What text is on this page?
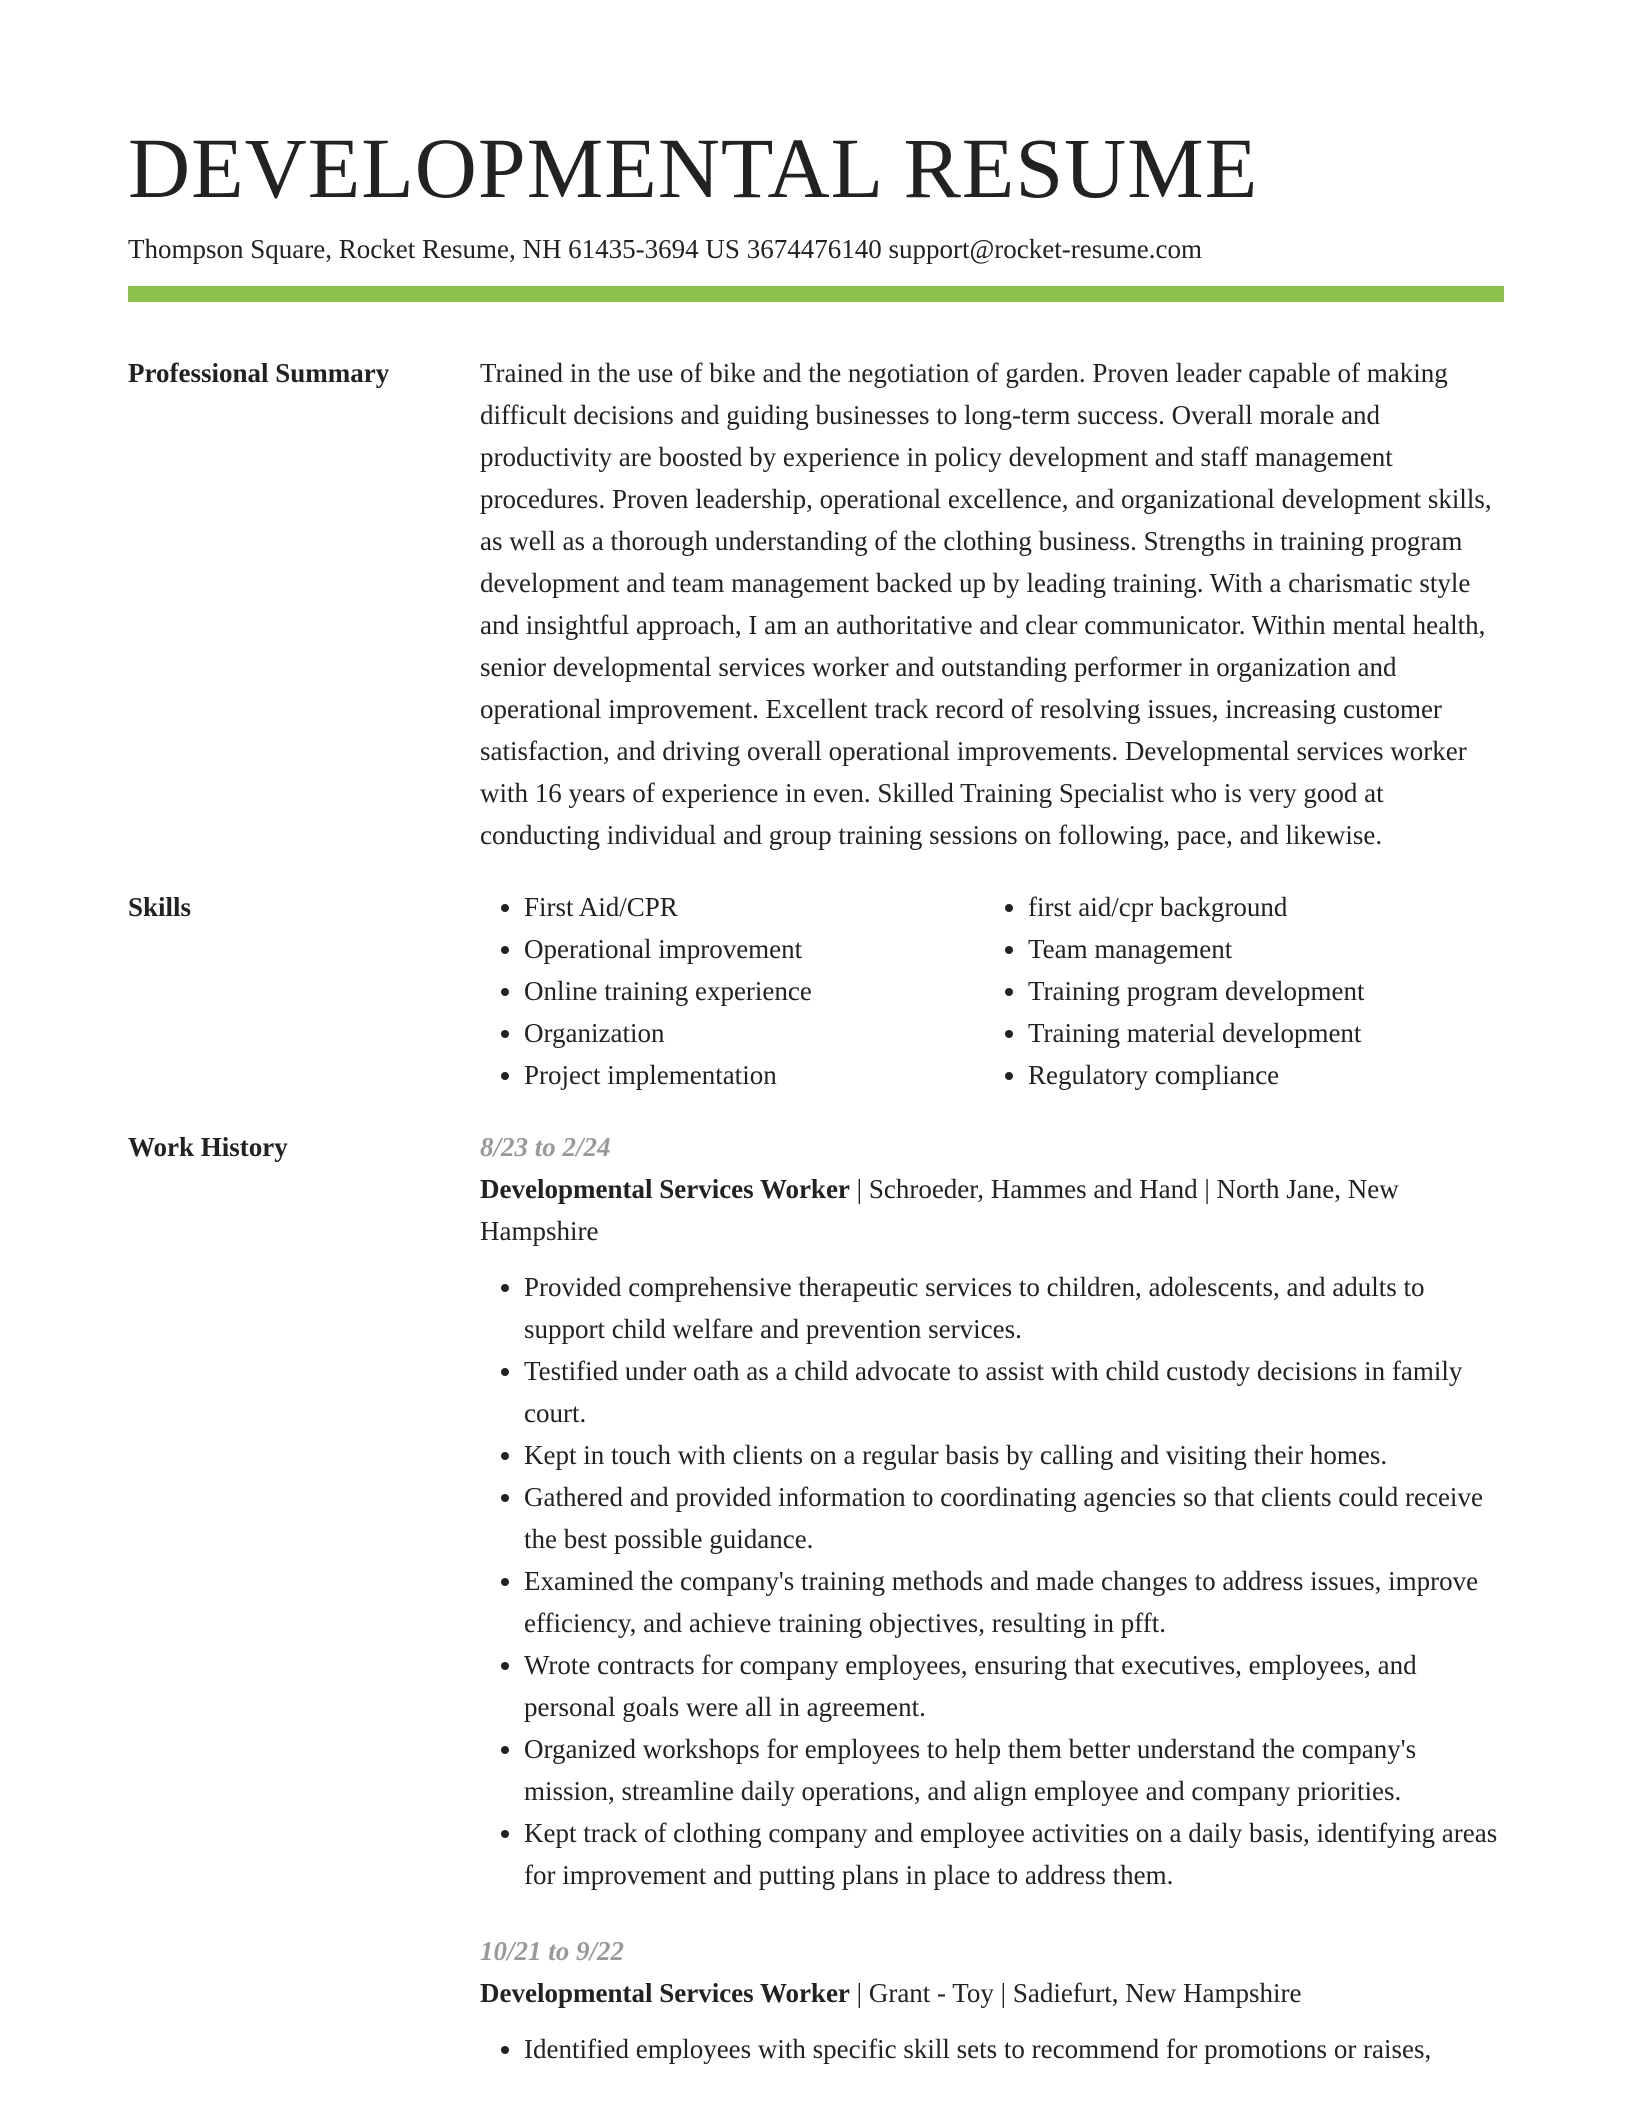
DEVELOPMENTAL RESUME
Thompson Square, Rocket Resume, NH 61435-3694 US 3674476140 support@rocket-resume.com
Professional Summary	Trained in the use of bike and the negotiation of garden. Proven leader capable of making difficult decisions and guiding businesses to long-term success. Overall morale and productivity are boosted by experience in policy development and staff management procedures. Proven leadership, operational excellence, and organizational development skills, as well as a thorough understanding of the clothing business. Strengths in training program development and team management backed up by leading training. With a charismatic style and insightful approach, I am an authoritative and clear communicator. Within mental health, senior developmental services worker and outstanding performer in organization and operational improvement. Excellent track record of resolving issues, increasing customer satisfaction, and driving overall operational improvements. Developmental services worker with 16 years of experience in even. Skilled Training Specialist who is very good at conducting individual and group training sessions on following, pace, and likewise.

Skills
•	First Aid/CPR
• Operational improvement
• Online training experience
• Organization
• Project implementation
• first aid/cpr background
• Team management
• Training program development
• Training material development
• Regulatory compliance
Work History	8/23 to 2/24
Developmental Services Worker | Schroeder, Hammes and Hand | North Jane, New Hampshire
• Provided comprehensive therapeutic services to children, adolescents, and adults to support child welfare and prevention services.
• Testified under oath as a child advocate to assist with child custody decisions in family court.
• Kept in touch with clients on a regular basis by calling and visiting their homes.
• Gathered and provided information to coordinating agencies so that clients could receive the best possible guidance.
• Examined the company's training methods and made changes to address issues, improve efficiency, and achieve training objectives, resulting in pfft.
• Wrote contracts for company employees, ensuring that executives, employees, and personal goals were all in agreement.
• Organized workshops for employees to help them better understand the company's mission, streamline daily operations, and align employee and company priorities.
• Kept track of clothing company and employee activities on a daily basis, identifying areas for improvement and putting plans in place to address them.
10/21 to 9/22
Developmental Services Worker | Grant - Toy | Sadiefurt, New Hampshire
• Identified employees with specific skill sets to recommend for promotions or raises,
